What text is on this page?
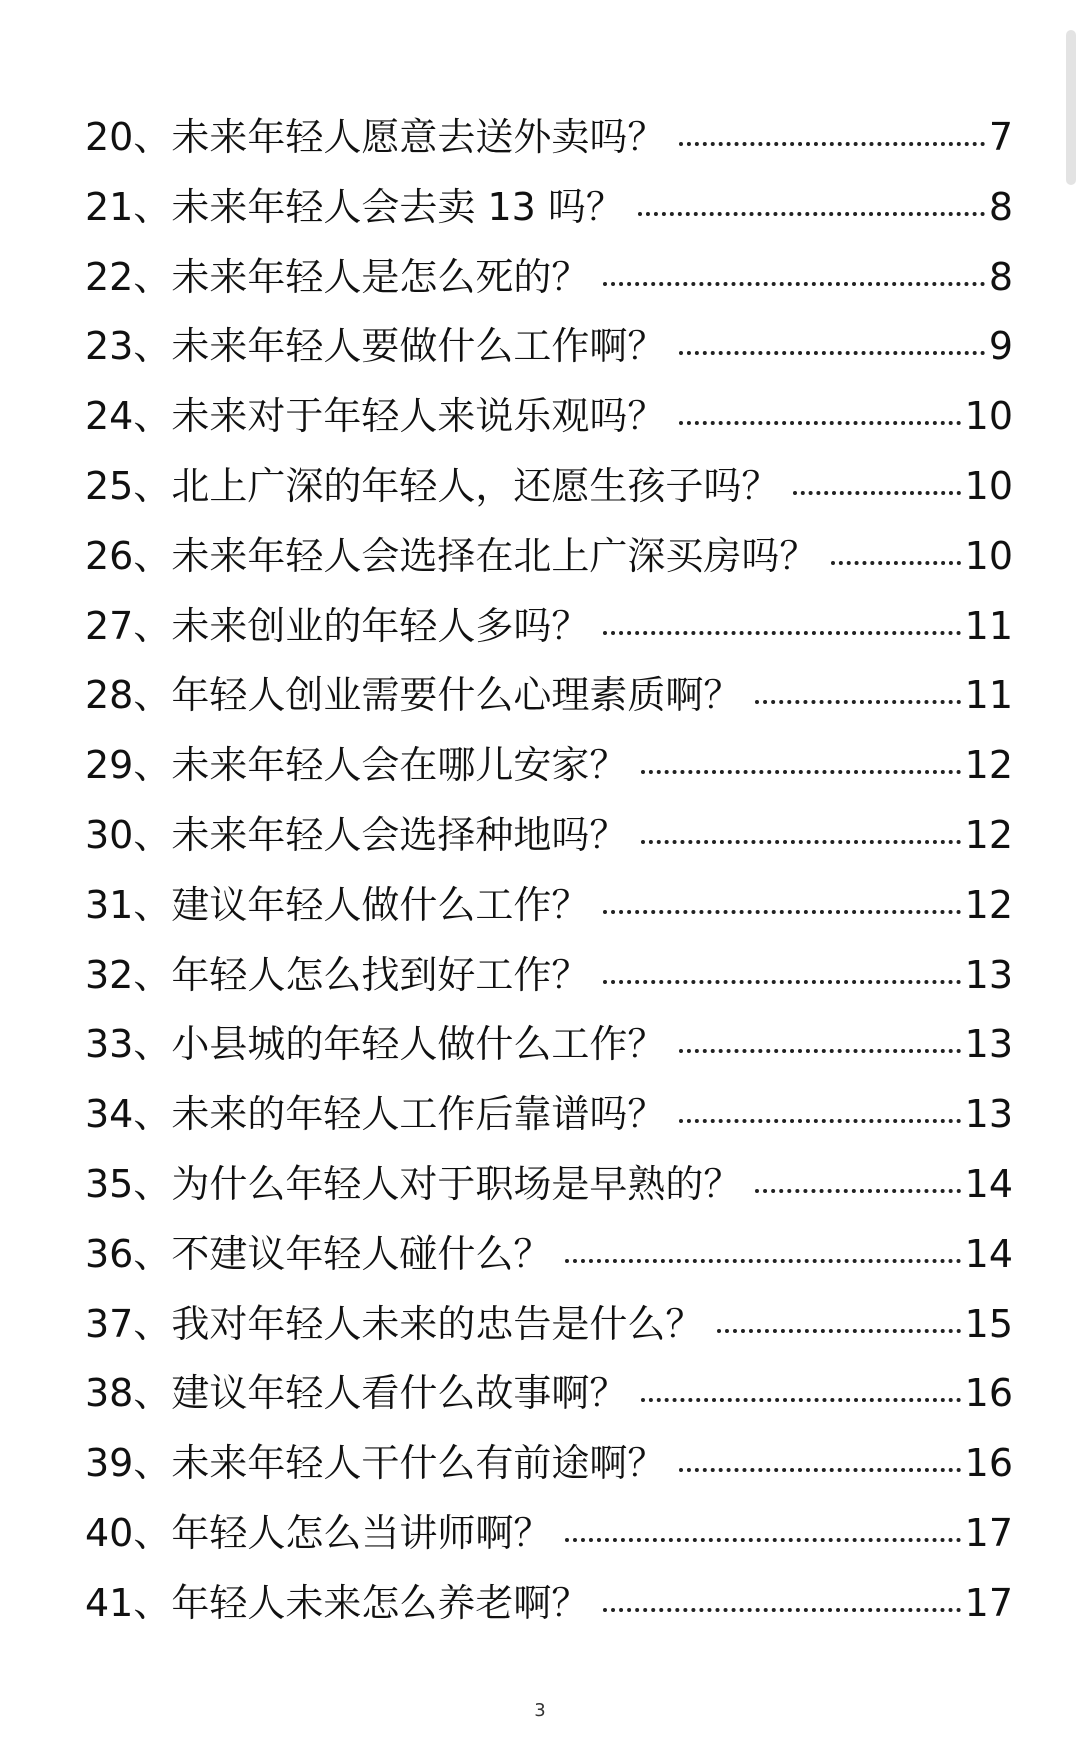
20、 未来年轻人愿意去送外卖吗？	7
21、 未来年轻人会去卖 13 吗？	8
22、 未来年轻人是怎么死的？	8
23、 未来年轻人要做什么工作啊？	9
24、 未来对于年轻人来说乐观吗？	10
25、 北上广深的年轻人，还愿生孩子吗？	10
26、 未来年轻人会选择在北上广深买房吗？	10
27、 未来创业的年轻人多吗？	11
28、 年轻人创业需要什么心理素质啊？	11
29、 未来年轻人会在哪儿安家？	12
30、 未来年轻人会选择种地吗？	12
31、 建议年轻人做什么工作？	12
32、 年轻人怎么找到好工作？	13
33、 小县城的年轻人做什么工作？	13
34、 未来的年轻人工作后靠谱吗？	13
35、 为什么年轻人对于职场是早熟的？	14
36、 不建议年轻人碰什么？	14
37、 我对年轻人未来的忠告是什么？	15
38、 建议年轻人看什么故事啊？	16
39、 未来年轻人干什么有前途啊？	16
40、 年轻人怎么当讲师啊？	17
41、 年轻人未来怎么养老啊？	17
3
